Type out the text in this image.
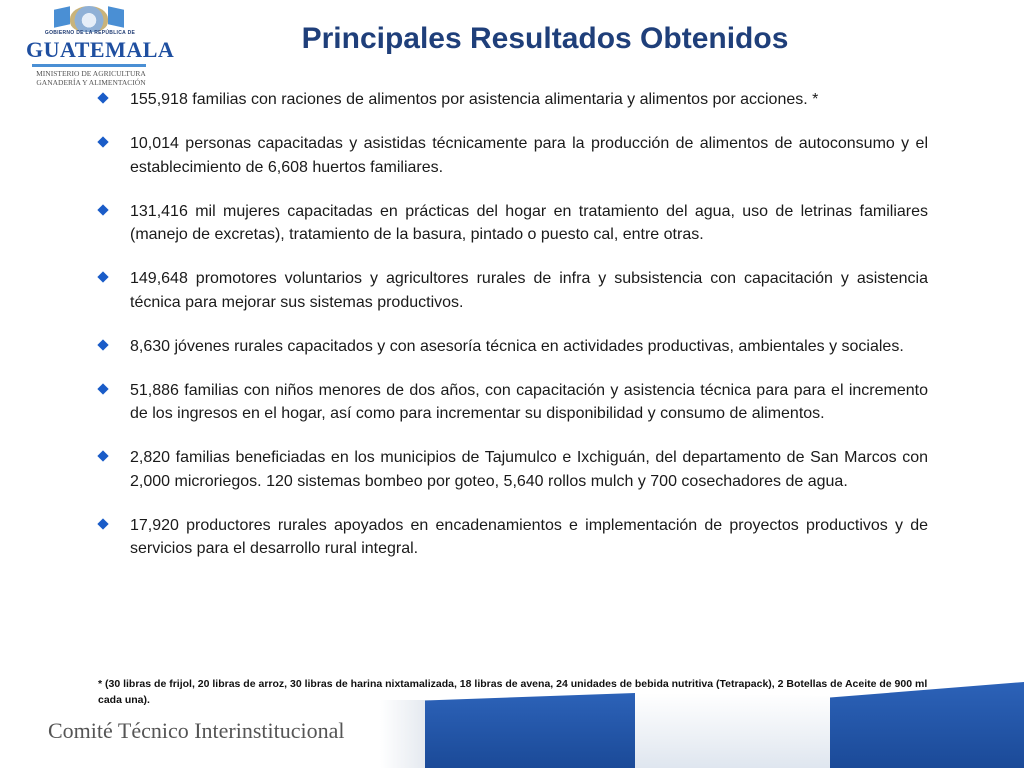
GOBIERNO DE LA REPÚBLICA DE
GUATEMALA
MINISTERIO DE AGRICULTURA
GANADERÍA Y ALIMENTACIÓN
Principales Resultados Obtenidos
155,918 familias con raciones de alimentos por asistencia alimentaria y alimentos por acciones. *
10,014 personas capacitadas y asistidas técnicamente para la producción de alimentos de autoconsumo y el establecimiento de 6,608 huertos familiares.
131,416 mil mujeres capacitadas en prácticas del hogar en tratamiento del agua, uso de letrinas familiares (manejo de excretas), tratamiento de la basura, pintado o puesto cal, entre otras.
149,648 promotores voluntarios y agricultores rurales de infra y subsistencia con capacitación y asistencia técnica para mejorar sus sistemas productivos.
8,630 jóvenes rurales capacitados y con asesoría técnica en actividades productivas, ambientales y sociales.
51,886 familias con niños menores de dos años, con capacitación y asistencia técnica para para el incremento de los ingresos en el hogar, así como para incrementar su disponibilidad y consumo de alimentos.
2,820 familias beneficiadas en los municipios de Tajumulco e Ixchiguán, del departamento de San Marcos con 2,000 microriegos. 120 sistemas bombeo por goteo, 5,640 rollos mulch y 700 cosechadores de agua.
17,920 productores rurales apoyados en encadenamientos e implementación de proyectos productivos y de servicios para el desarrollo rural integral.
* (30 libras de frijol, 20 libras de arroz, 30 libras de harina nixtamalizada, 18 libras de avena, 24 unidades de bebida nutritiva (Tetrapack), 2 Botellas de Aceite de 900 ml cada una).
Comité Técnico Interinstitucional
